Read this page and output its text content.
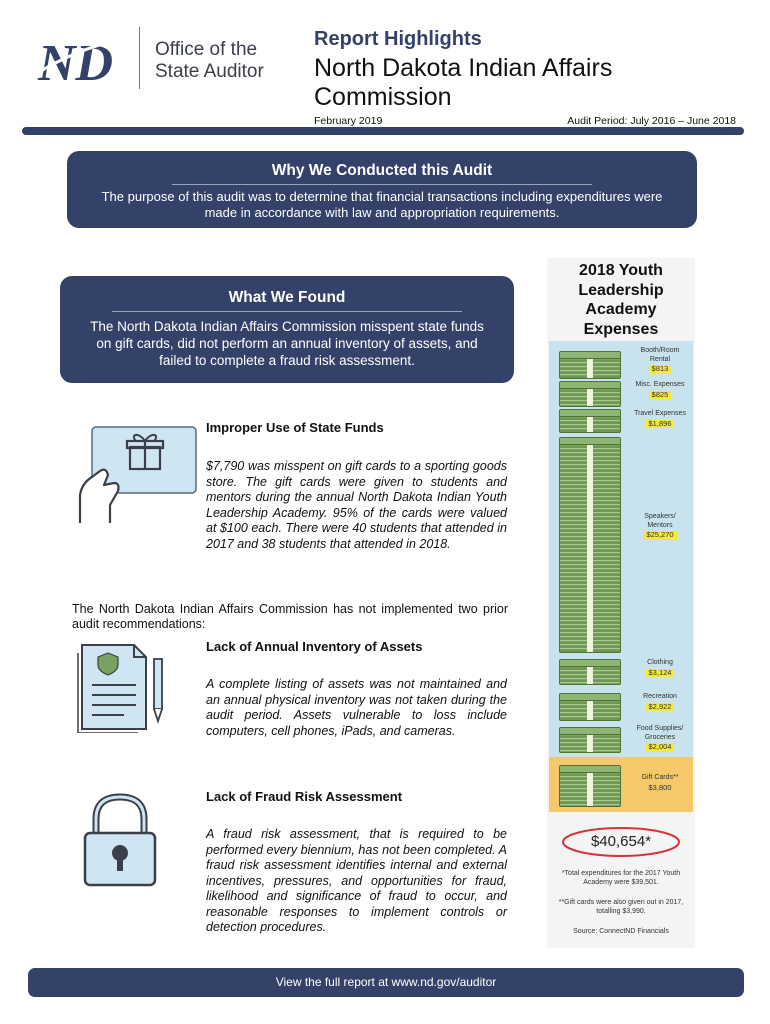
ND Office of the
State Auditor
Report Highlights
North Dakota Indian Affairs
Commission
February 2019	Audit Period: July 2016 – June 2018
Why We Conducted this Audit
The purpose of this audit was to determine that financial transactions including expenditures were made in accordance with law and appropriation requirements.
What We Found
The North Dakota Indian Affairs Commission misspent state funds on gift cards, did not perform an annual inventory of assets, and failed to complete a fraud risk assessment.
Improper Use of State Funds
$7,790 was misspent on gift cards to a sporting goods store. The gift cards were given to students and mentors during the annual North Dakota Indian Youth Leadership Academy. 95% of the cards were valued at $100 each. There were 40 students that attended in 2017 and 38 students that attended in 2018.
The North Dakota Indian Affairs Commission has not implemented two prior audit recommendations:
Lack of Annual Inventory of Assets
A complete listing of assets was not maintained and an annual physical inventory was not taken during the audit period. Assets vulnerable to loss include computers, cell phones, iPads, and cameras.
Lack of Fraud Risk Assessment
A fraud risk assessment, that is required to be performed every biennium, has not been completed. A fraud risk assessment identifies internal and external incentives, pressures, and opportunities for fraud, likelihood and significance of fraud to occur, and reasonable responses to implement controls or detection procedures.
2018 Youth
Leadership
Academy
Expenses
Booth/Room
Rental
$813
Misc. Expenses
$825
Travel Expenses
$1,896
Speakers/
Mentors
$25,270
Clothing
$3,124
Recreation
$2,922
Food Supplies/
Groceries
$2,004
Gift Cards**
$3,800
$40,654*
*Total expenditures for the 2017 Youth Academy were $39,501.
**Gift cards were also given out in 2017, totalling $3,990.
Source: ConnectND Financials
View the full report at www.nd.gov/auditor
